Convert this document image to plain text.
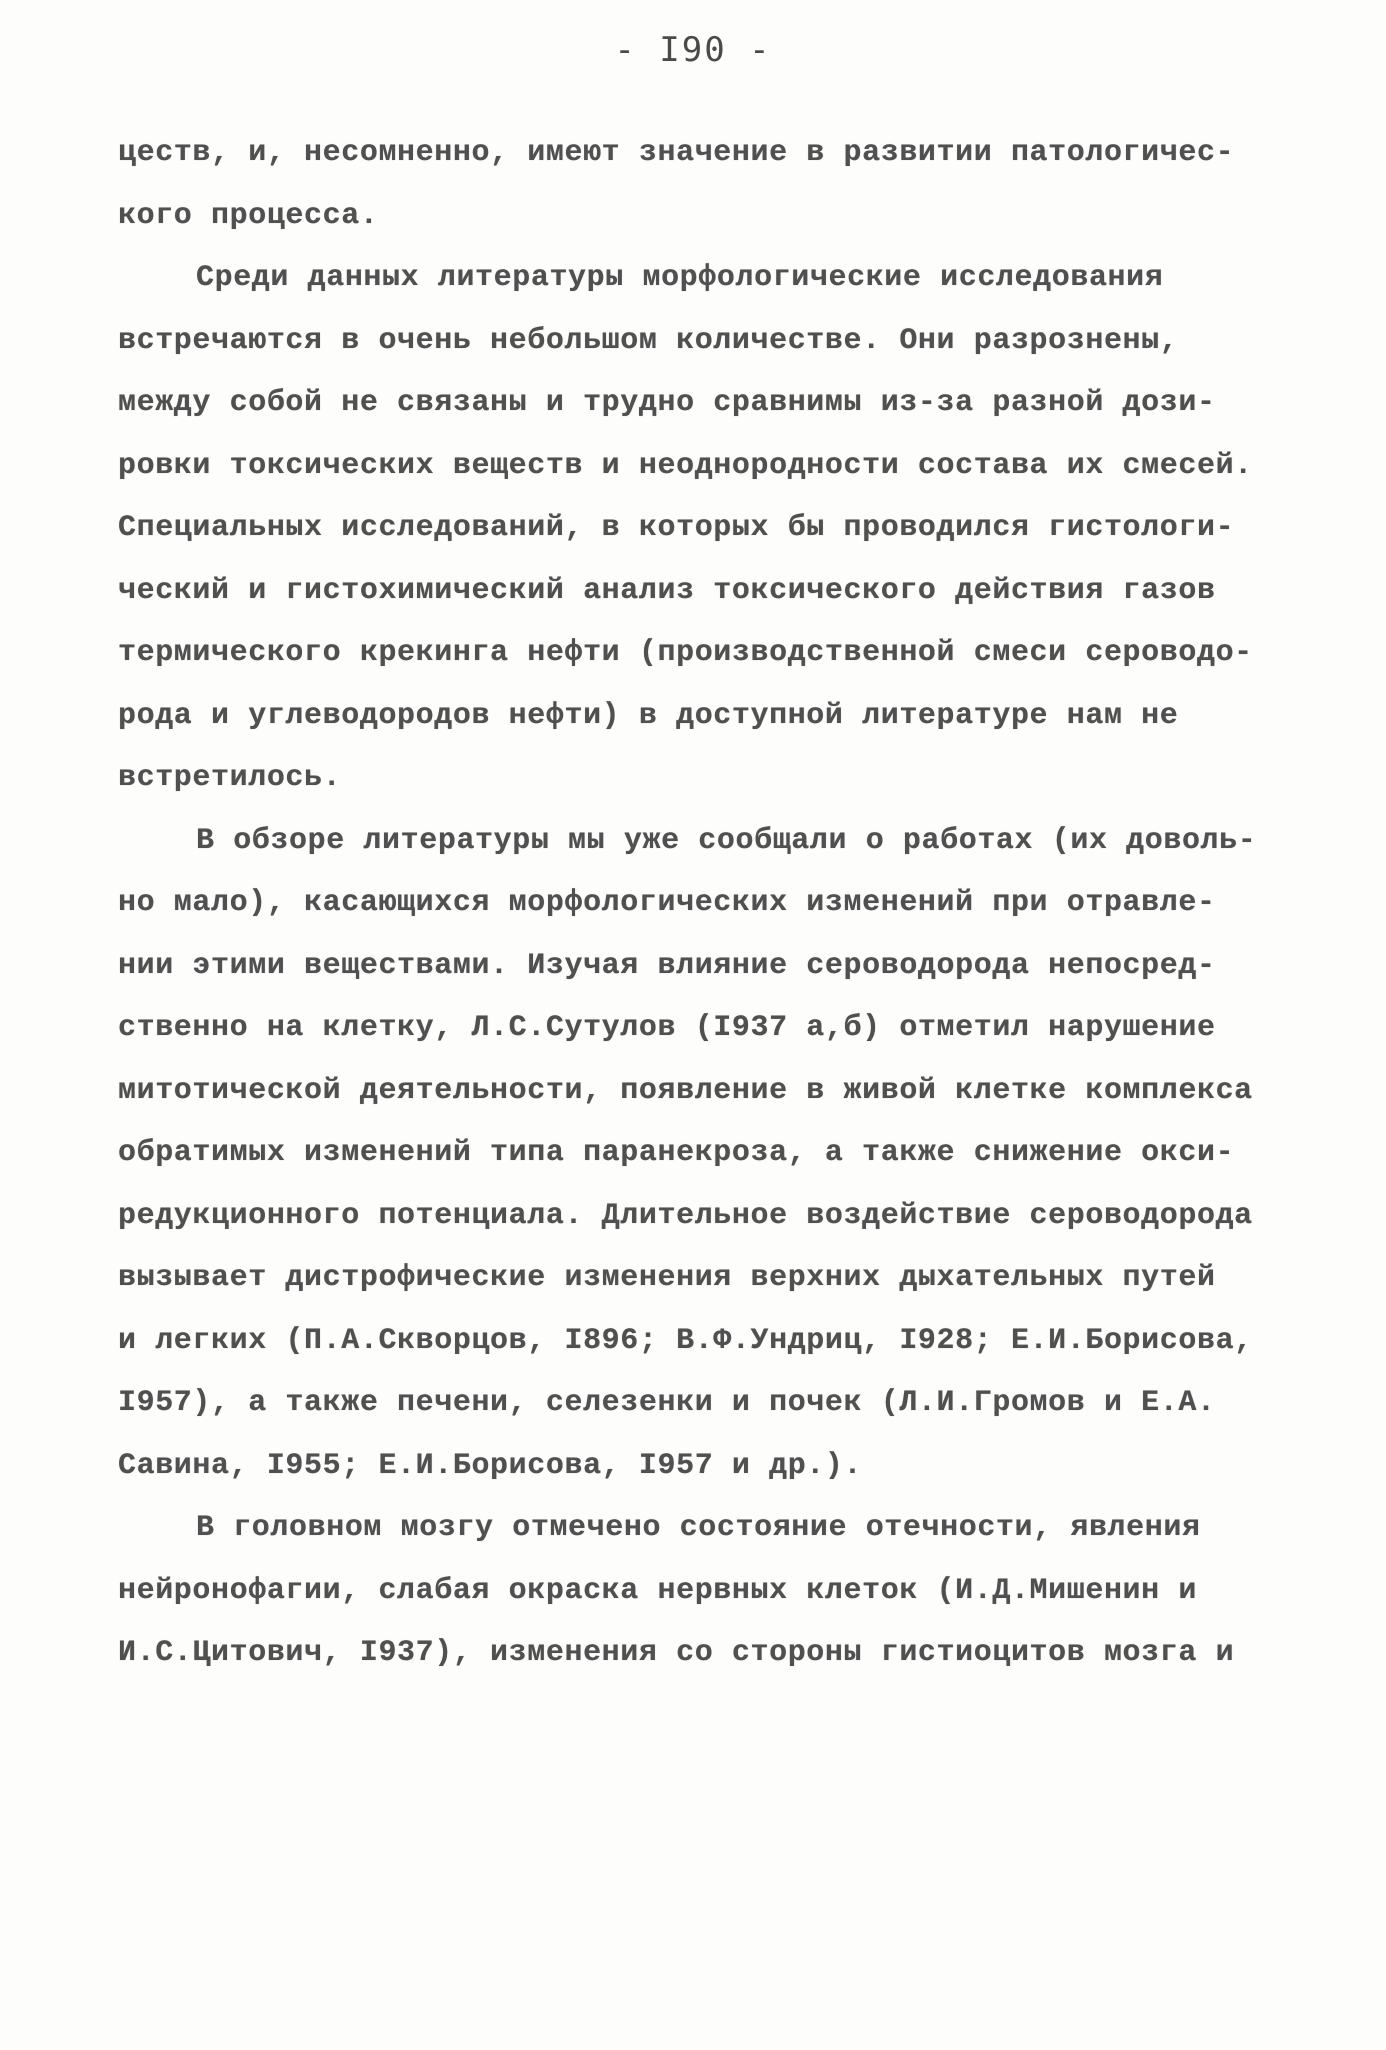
- I90 -
цеств, и, несомненно, имеют значение в развитии патологичес-
кого процесса.
Среди данных литературы морфологические исследования
встречаются в очень небольшом количестве. Они разрознены,
между собой не связаны и трудно сравнимы из-за разной дози-
ровки токсических веществ и неоднородности состава их смесей.
Специальных исследований, в которых бы проводился гистологи-
ческий и гистохимический анализ токсического действия газов
термического крекинга нефти (производственной смеси сероводо-
рода и углеводородов нефти) в доступной литературе нам не
встретилось.
В обзоре литературы мы уже сообщали о работах (их доволь-
но мало), касающихся морфологических изменений при отравле-
нии этими веществами. Изучая влияние сероводорода непосред-
ственно на клетку, Л.С.Сутулов (I937 а,б) отметил нарушение
митотической деятельности, появление в живой клетке комплекса
обратимых изменений типа паранекроза, а также снижение окси-
редукционного потенциала. Длительное воздействие сероводорода
вызывает дистрофические изменения верхних дыхательных путей
и легких (П.А.Скворцов, I896; В.Ф.Ундриц, I928; Е.И.Борисова,
I957), а также печени, селезенки и почек (Л.И.Громов и Е.А.
Савина, I955; Е.И.Борисова, I957 и др.).
В головном мозгу отмечено состояние отечности, явления
нейронофагии, слабая окраска нервных клеток (И.Д.Мишенин и
И.С.Цитович, I937), изменения со стороны гистиоцитов мозга и
